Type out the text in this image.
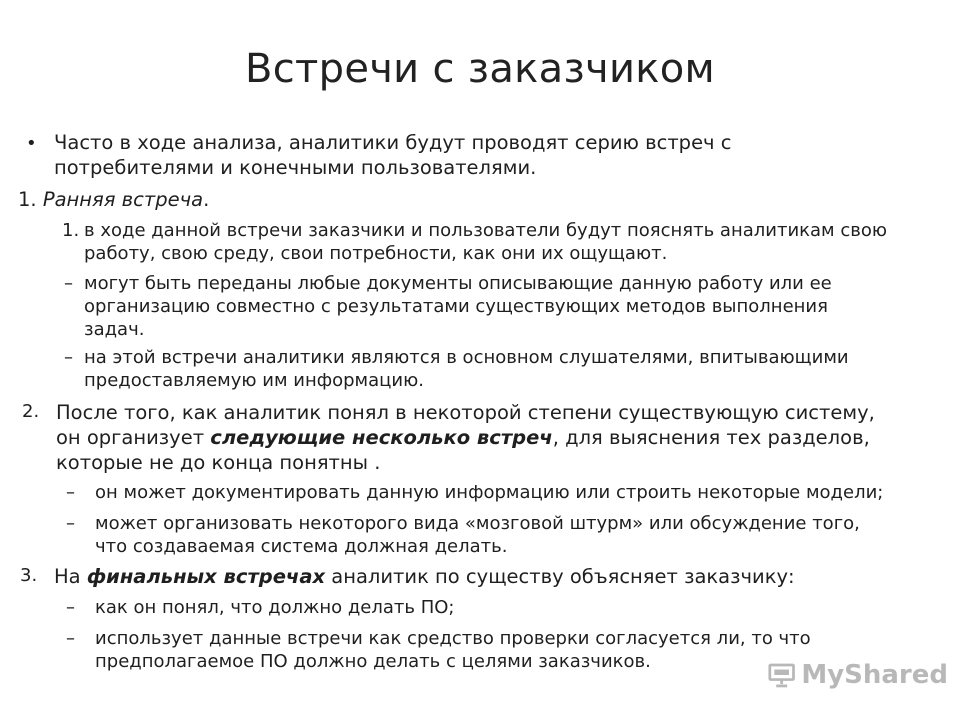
Встречи с заказчиком
• Часто в ходе анализа, аналитики будут проводят серию встреч с
потребителями и конечными пользователями.
1. Ранняя встреча.
1. в ходе данной встречи заказчики и пользователи будут пояснять аналитикам свою
работу, свою среду, свои потребности, как они их ощущают.
– могут быть переданы любые документы описывающие данную работу или ее
организацию совместно с результатами существующих методов выполнения
задач.
– на этой встречи аналитики являются в основном слушателями, впитывающими
предоставляемую им информацию.
2. После того, как аналитик понял в некоторой степени существующую систему,
он организует следующие несколько встреч, для выяснения тех разделов,
которые не до конца понятны .
– он может документировать данную информацию или строить некоторые модели;
– может организовать некоторого вида «мозговой штурм» или обсуждение того,
что создаваемая система должная делать.
3. На финальных встречах аналитик по существу объясняет заказчику:
– как он понял, что должно делать ПО;
– использует данные встречи как средство проверки согласуется ли, то что
предполагаемое ПО должно делать с целями заказчиков.	MyShared
